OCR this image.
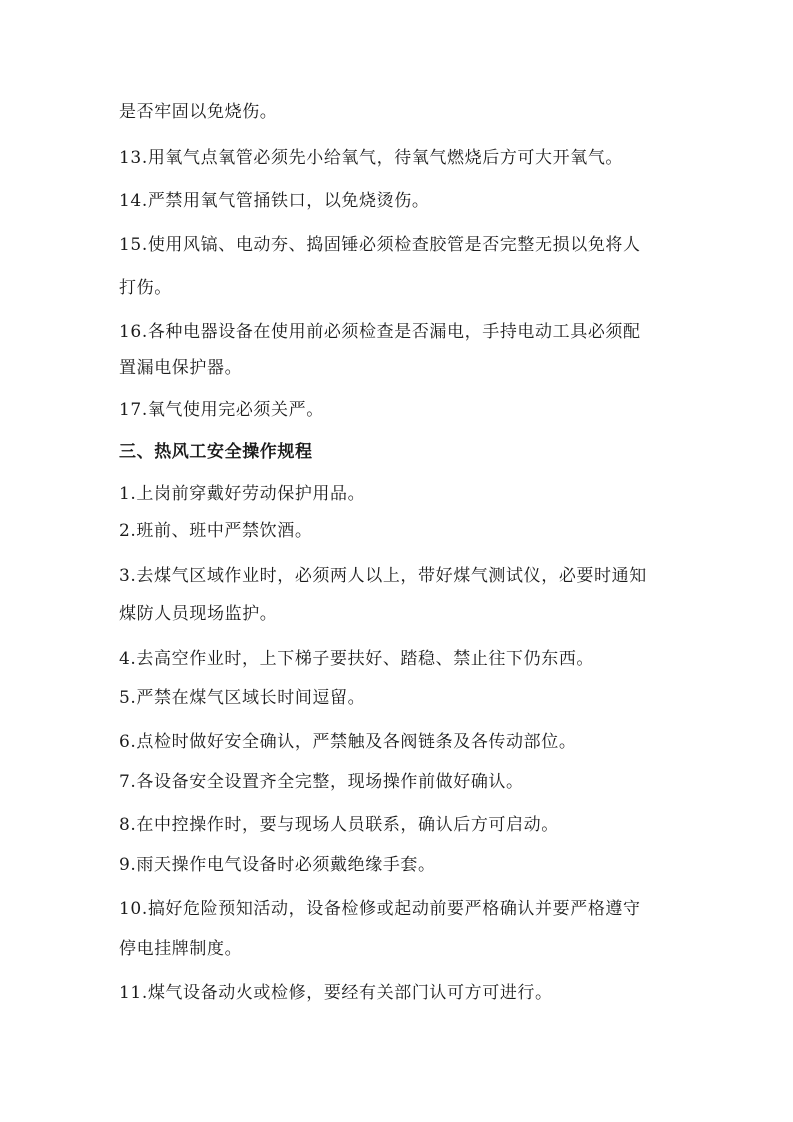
是否牢固以免烧伤。
13.用氧气点氧管必须先小给氧气，待氧气燃烧后方可大开氧气。
14.严禁用氧气管捅铁口，以免烧烫伤。
15.使用风镐、电动夯、捣固锤必须检查胶管是否完整无损以免将人
打伤。
16.各种电器设备在使用前必须检查是否漏电，手持电动工具必须配
置漏电保护器。
17.氧气使用完必须关严。
三、热风工安全操作规程
1.上岗前穿戴好劳动保护用品。
2.班前、班中严禁饮酒。
3.去煤气区域作业时，必须两人以上，带好煤气测试仪，必要时通知
煤防人员现场监护。
4.去高空作业时，上下梯子要扶好、踏稳、禁止往下仍东西。
5.严禁在煤气区域长时间逗留。
6.点检时做好安全确认，严禁触及各阀链条及各传动部位。
7.各设备安全设置齐全完整，现场操作前做好确认。
8.在中控操作时，要与现场人员联系，确认后方可启动。
9.雨天操作电气设备时必须戴绝缘手套。
10.搞好危险预知活动，设备检修或起动前要严格确认并要严格遵守
停电挂牌制度。
11.煤气设备动火或检修，要经有关部门认可方可进行。
